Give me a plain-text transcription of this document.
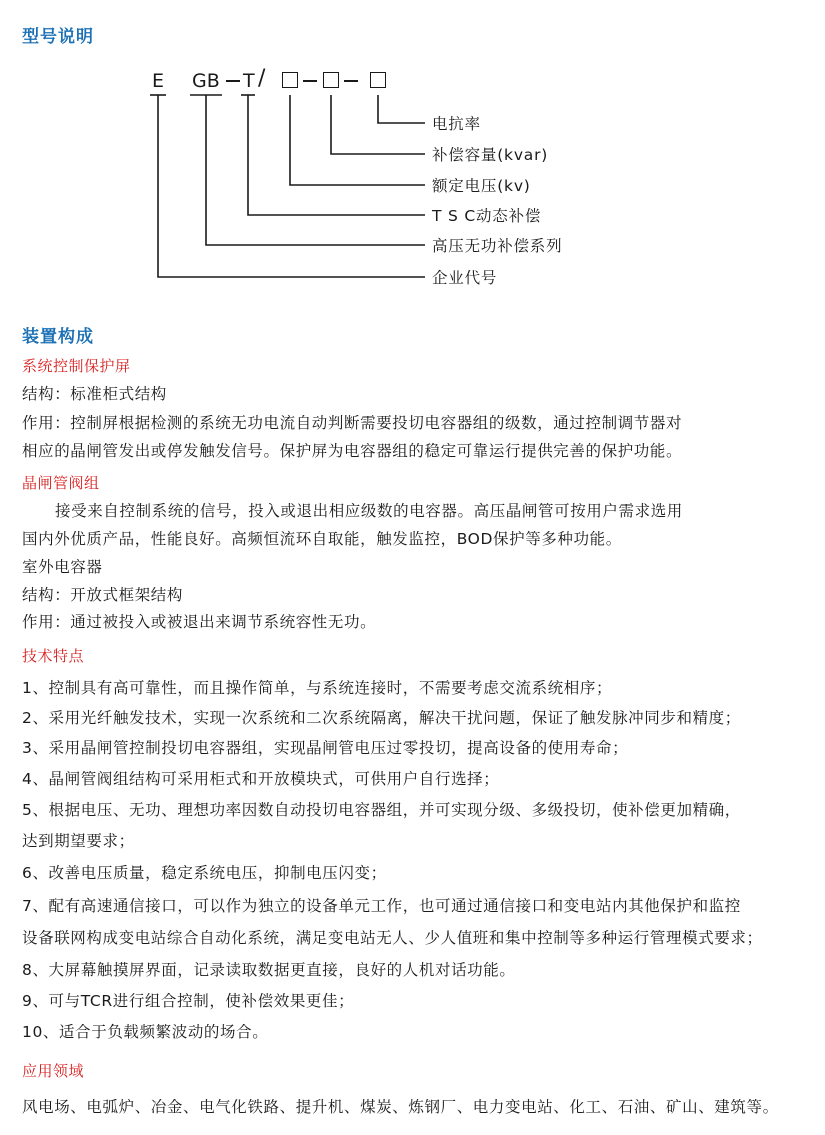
型号说明
E GB T /
电抗率
补偿容量(kvar)
额定电压(kv)
T S C动态补偿
高压无功补偿系列
企业代号
装置构成
系统控制保护屏
结构：标准柜式结构
作用：控制屏根据检测的系统无功电流自动判断需要投切电容器组的级数，通过控制调节器对
相应的晶闸管发出或停发触发信号。保护屏为电容器组的稳定可靠运行提供完善的保护功能。
晶闸管阀组
接受来自控制系统的信号，投入或退出相应级数的电容器。高压晶闸管可按用户需求选用
国内外优质产品，性能良好。高频恒流环自取能，触发监控，BOD保护等多种功能。
室外电容器
结构：开放式框架结构
作用：通过被投入或被退出来调节系统容性无功。
技术特点
1、控制具有高可靠性，而且操作简单，与系统连接时，不需要考虑交流系统相序；
2、采用光纤触发技术，实现一次系统和二次系统隔离，解决干扰问题，保证了触发脉冲同步和精度；
3、采用晶闸管控制投切电容器组，实现晶闸管电压过零投切，提高设备的使用寿命；
4、晶闸管阀组结构可采用柜式和开放模块式，可供用户自行选择；
5、根据电压、无功、理想功率因数自动投切电容器组，并可实现分级、多级投切，使补偿更加精确，
达到期望要求；
6、改善电压质量，稳定系统电压，抑制电压闪变；
7、配有高速通信接口，可以作为独立的设备单元工作，也可通过通信接口和变电站内其他保护和监控
设备联网构成变电站综合自动化系统，满足变电站无人、少人值班和集中控制等多种运行管理模式要求；
8、大屏幕触摸屏界面，记录读取数据更直接，良好的人机对话功能。
9、可与TCR进行组合控制，使补偿效果更佳；
10、适合于负载频繁波动的场合。
应用领域
风电场、电弧炉、冶金、电气化铁路、提升机、煤炭、炼钢厂、电力变电站、化工、石油、矿山、建筑等。
